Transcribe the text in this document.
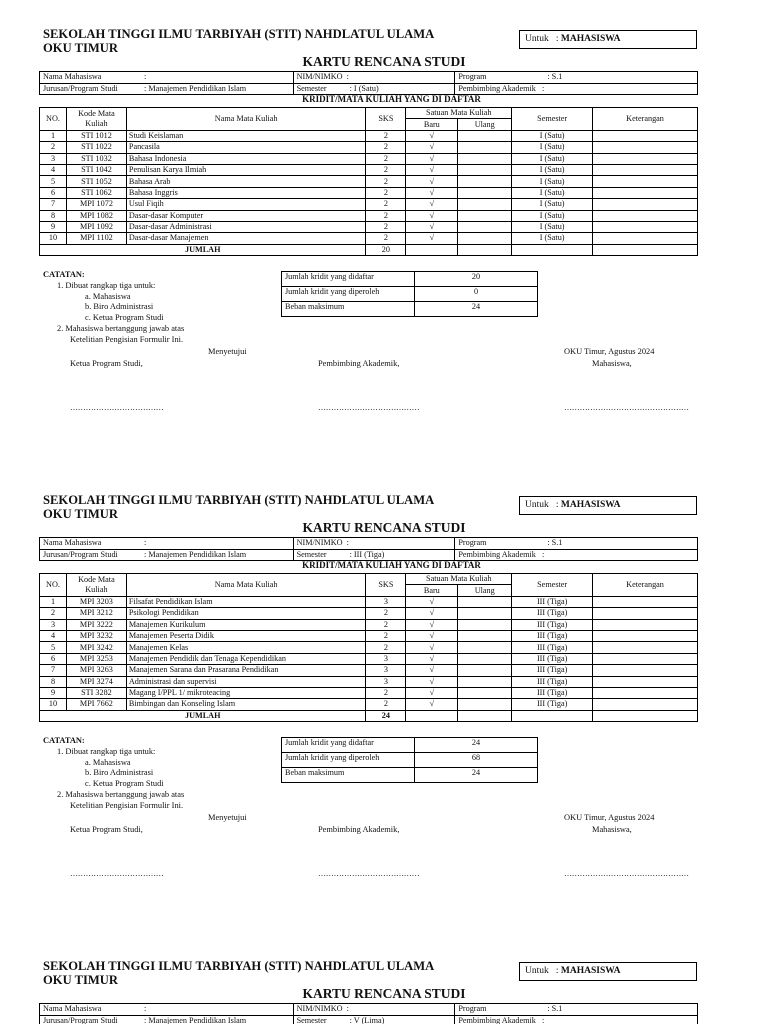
SEKOLAH TINGGI ILMU TARBIYAH (STIT) NAHDLATUL ULAMA
OKU TIMUR
Untuk   : MAHASISWA
KARTU RENCANA STUDI
Nama Mahasiswa :	NIM/NIMKO :	Program : S.1

Jurusan/Program Studi : Manajemen Pendidikan Islam	Semester : I (Satu)	Pembimbing Akademik :
KRIDIT/MATA KULIAH YANG DI DAFTAR
NO.	Kode Mata Kuliah	Nama Mata Kuliah	SKS	Satuan Mata Kuliah		Semester	Keterangan
				Baru	Ulang		
1	STI 1012	Studi Keislaman	2	√		I (Satu)	
2	STI 1022	Pancasila	2	√		I (Satu)	
3	STI 1032	Bahasa Indonesia	2	√		I (Satu)	
4	STI 1042	Penulisan Karya Ilmiah	2	√		I (Satu)	
5	STI 1052	Bahasa Arab	2	√		I (Satu)	
6	STI 1062	Bahasa Inggris	2	√		I (Satu)	
7	MPI 1072	Usul Fiqih	2	√		I (Satu)	
8	MPI 1082	Dasar-dasar Komputer	2	√		I (Satu)	
9	MPI 1092	Dasar-dasar Administrasi	2	√		I (Satu)	
10	MPI 1102	Dasar-dasar Manajemen	2	√		I (Satu)	
JUMLAH			20				
CATATAN:
1. Dibuat rangkap tiga untuk:
a. Mahasiswa
b. Biro Administrasi
c. Ketua Program Studi
2. Mahasiswa bertanggung jawab atas
Ketelitian Pengisian Formulir Ini.
Jumlah kridit yang didaftar	20
Jumlah kridit yang diperoleh	0
Beban maksimum	24
Menyetujui	OKU Timur, Agustus 2024
Ketua Program Studi,	Pembimbing Akademik,	Mahasiswa,
………………………………	…………………………………	…………………………………………
SEKOLAH TINGGI ILMU TARBIYAH (STIT) NAHDLATUL ULAMA
OKU TIMUR
Untuk   : MAHASISWA
KARTU RENCANA STUDI
Nama Mahasiswa :	NIM/NIMKO :	Program : S.1

Jurusan/Program Studi : Manajemen Pendidikan Islam	Semester : III (Tiga)	Pembimbing Akademik :
KRIDIT/MATA KULIAH YANG DI DAFTAR
NO.	Kode Mata Kuliah	Nama Mata Kuliah	SKS	Satuan Mata Kuliah		Semester	Keterangan
				Baru	Ulang		
1	MPI 3203	Filsafat Pendidikan Islam	3	√		III (Tiga)	
2	MPI 3212	Psikologi Pendidikan	2	√		III (Tiga)	
3	MPI 3222	Manajemen Kurikulum	2	√		III (Tiga)	
4	MPI 3232	Manajemen Peserta Didik	2	√		III (Tiga)	
5	MPI 3242	Manajemen Kelas	2	√		III (Tiga)	
6	MPI 3253	Manajemen Pendidik dan Tenaga Kependidikan	3	√		III (Tiga)	
7	MPI 3263	Manajemen Sarana dan Prasarana Pendidikan	3	√		III (Tiga)	
8	MPI 3274	Administrasi dan supervisi	3	√		III (Tiga)	
9	STI 3282	Magang I/PPL 1/ mikroteacing	2	√		III (Tiga)	
10	MPI 7662	Bimbingan dan Konseling Islam	2	√		III (Tiga)	
JUMLAH			24				
CATATAN:
1. Dibuat rangkap tiga untuk:
a. Mahasiswa
b. Biro Administrasi
c. Ketua Program Studi
2. Mahasiswa bertanggung jawab atas
Ketelitian Pengisian Formulir Ini.
Jumlah kridit yang didaftar	24
Jumlah kridit yang diperoleh	68
Beban maksimum	24
Menyetujui	OKU Timur, Agustus 2024
Ketua Program Studi,	Pembimbing Akademik,	Mahasiswa,
………………………………	…………………………………	…………………………………………
SEKOLAH TINGGI ILMU TARBIYAH (STIT) NAHDLATUL ULAMA
OKU TIMUR
Untuk   : MAHASISWA
KARTU RENCANA STUDI
Nama Mahasiswa :	NIM/NIMKO :	Program : S.1

Jurusan/Program Studi : Manajemen Pendidikan Islam	Semester : V (Lima)	Pembimbing Akademik :
